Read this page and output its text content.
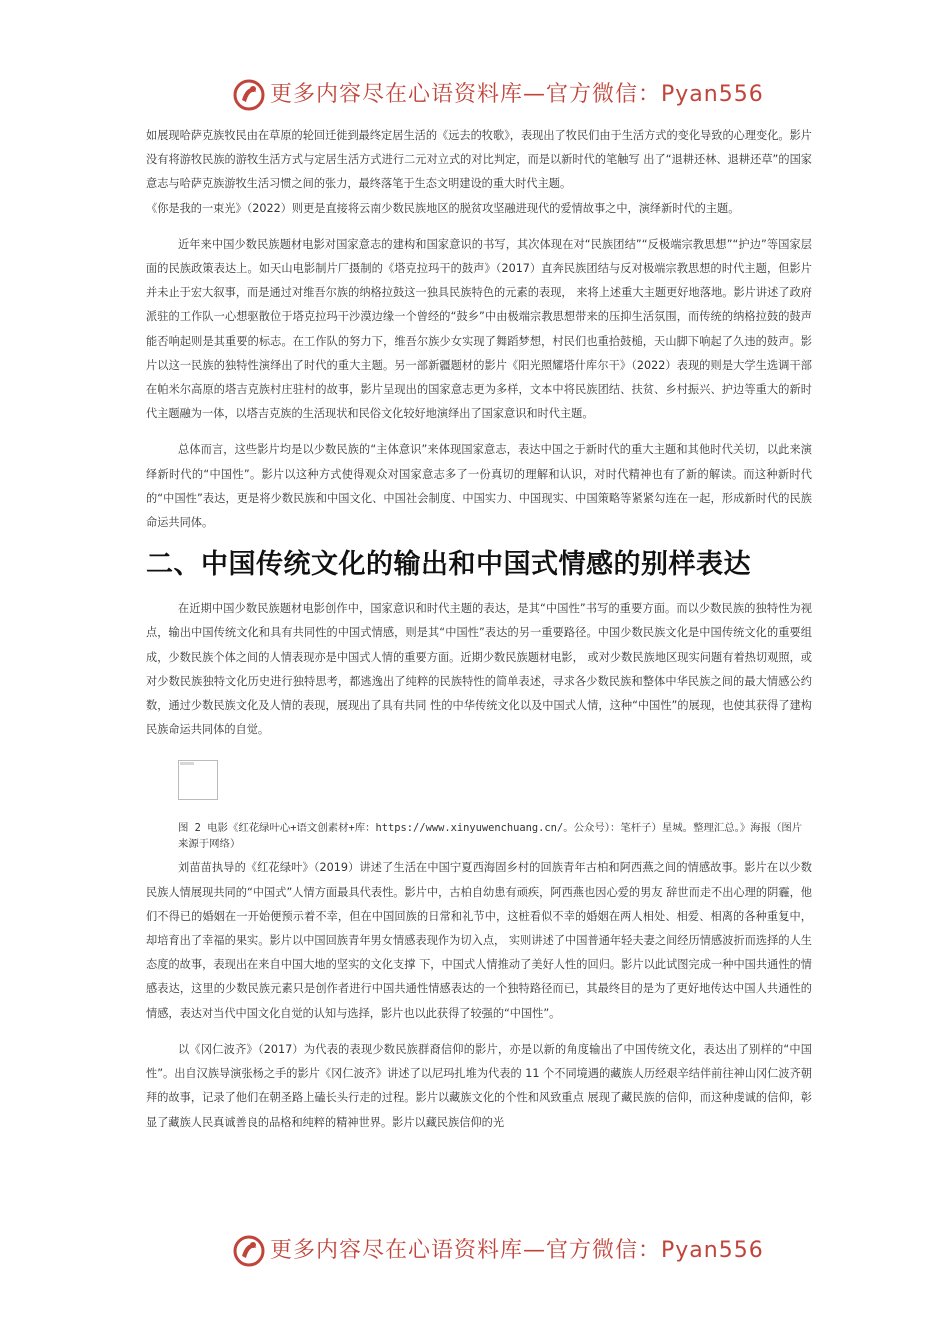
更多内容尽在心语资料库—官方微信：Pyan556

如展现哈萨克族牧民由在草原的轮回迁徙到最终定居生活的《远去的牧歌》，表现出了牧民们由于生活方式的变化导致的心理变化。影片没有将游牧民族的游牧生活方式与定居生活方式进行二元对立式的对比判定，而是以新时代的笔触写 出了“退耕还林、退耕还草”的国家意志与哈萨克族游牧生活习惯之间的张力，最终落笔于生态文明建设的重大时代主题。

《你是我的一束光》（2022）则更是直接将云南少数民族地区的脱贫攻坚融进现代的爱情故事之中，演绎新时代的主题。

近年来中国少数民族题材电影对国家意志的建构和国家意识的书写，其次体现在对“民族团结”“反极端宗教思想”“护边”等国家层面的民族政策表达上。如天山电影制片厂摄制的《塔克拉玛干的鼓声》（2017）直奔民族团结与反对极端宗教思想的时代主题，但影片并未止于宏大叙事，而是通过对维吾尔族的纳格拉鼓这一独具民族特色的元素的表现， 来将上述重大主题更好地落地。影片讲述了政府派驻的工作队一心想驱散位于塔克拉玛干沙漠边缘一个曾经的“鼓乡”中由极端宗教思想带来的压抑生活氛围，而传统的纳格拉鼓的鼓声能否响起则是其重要的标志。在工作队的努力下，维吾尔族少女实现了舞蹈梦想，村民们也重拾鼓槌，天山脚下响起了久违的鼓声。影片以这一民族的独特性演绎出了时代的重大主题。另一部新疆题材的影片《阳光照耀塔什库尔干》（2022）表现的则是大学生选调干部在帕米尔高原的塔吉克族村庄驻村的故事，影片呈现出的国家意志更为多样，文本中将民族团结、扶贫、乡村振兴、护边等重大的新时代主题融为一体，以塔吉克族的生活现状和民俗文化较好地演绎出了国家意识和时代主题。

总体而言，这些影片均是以少数民族的“主体意识”来体现国家意志，表达中国之于新时代的重大主题和其他时代关切，以此来演绎新时代的“中国性”。影片以这种方式使得观众对国家意志多了一份真切的理解和认识，对时代精神也有了新的解读。而这种新时代的“中国性”表达，更是将少数民族和中国文化、中国社会制度、中国实力、中国现实、中国策略等紧紧勾连在一起，形成新时代的民族命运共同体。

二、中国传统文化的输出和中国式情感的别样表达

在近期中国少数民族题材电影创作中，国家意识和时代主题的表达，是其“中国性”书写的重要方面。而以少数民族的独特性为视点，输出中国传统文化和具有共同性的中国式情感，则是其“中国性”表达的另一重要路径。中国少数民族文化是中国传统文化的重要组成，少数民族个体之间的人情表现亦是中国式人情的重要方面。近期少数民族题材电影， 或对少数民族地区现实问题有着热切观照，或对少数民族独特文化历史进行独特思考，都逃逸出了纯粹的民族特性的简单表述，寻求各少数民族和整体中华民族之间的最大情感公约数，通过少数民族文化及人情的表现，展现出了具有共同 性的中华传统文化以及中国式人情，这种“中国性”的展现，也使其获得了建构民族命运共同体的自觉。

图 2 电影《红花绿叶心+语文创素材+库：https://www.xinyuwenchuang.cn/。公众号）：笔杆子）星城。整理汇总。》海报（图片来源于网络）

刘苗苗执导的《红花绿叶》（2019）讲述了生活在中国宁夏西海固乡村的回族青年古柏和阿西燕之间的情感故事。影片在以少数民族人情展现共同的“中国式”人情方面最具代表性。影片中，古柏自幼患有顽疾，阿西燕也因心爱的男友 辞世而走不出心理的阴霾，他们不得已的婚姻在一开始便预示着不幸，但在中国回族的日常和礼节中，这桩看似不幸的婚姻在两人相处、相爱、相离的各种重复中，却培育出了幸福的果实。影片以中国回族青年男女情感表现作为切入点， 实则讲述了中国普通年轻夫妻之间经历情感波折而选择的人生态度的故事，表现出在来自中国大地的坚实的文化支撑 下，中国式人情推动了美好人性的回归。影片以此试图完成一种中国共通性的情感表达，这里的少数民族元素只是创作者进行中国共通性情感表达的一个独特路径而已，其最终目的是为了更好地传达中国人共通性的情感，表达对当代中国文化自觉的认知与选择，影片也以此获得了较强的“中国性”。

以《冈仁波齐》（2017）为代表的表现少数民族群裔信仰的影片，亦是以新的角度输出了中国传统文化，表达出了别样的“中国性”。出自汉族导演张杨之手的影片《冈仁波齐》讲述了以尼玛扎堆为代表的 11 个不同境遇的藏族人历经艰辛结伴前往神山冈仁波齐朝拜的故事，记录了他们在朝圣路上磕长头行走的过程。影片以藏族文化的个性和风致重点 展现了藏民族的信仰，而这种虔诚的信仰，彰显了藏族人民真诚善良的品格和纯粹的精神世界。影片以藏民族信仰的光

更多内容尽在心语资料库—官方微信：Pyan556
